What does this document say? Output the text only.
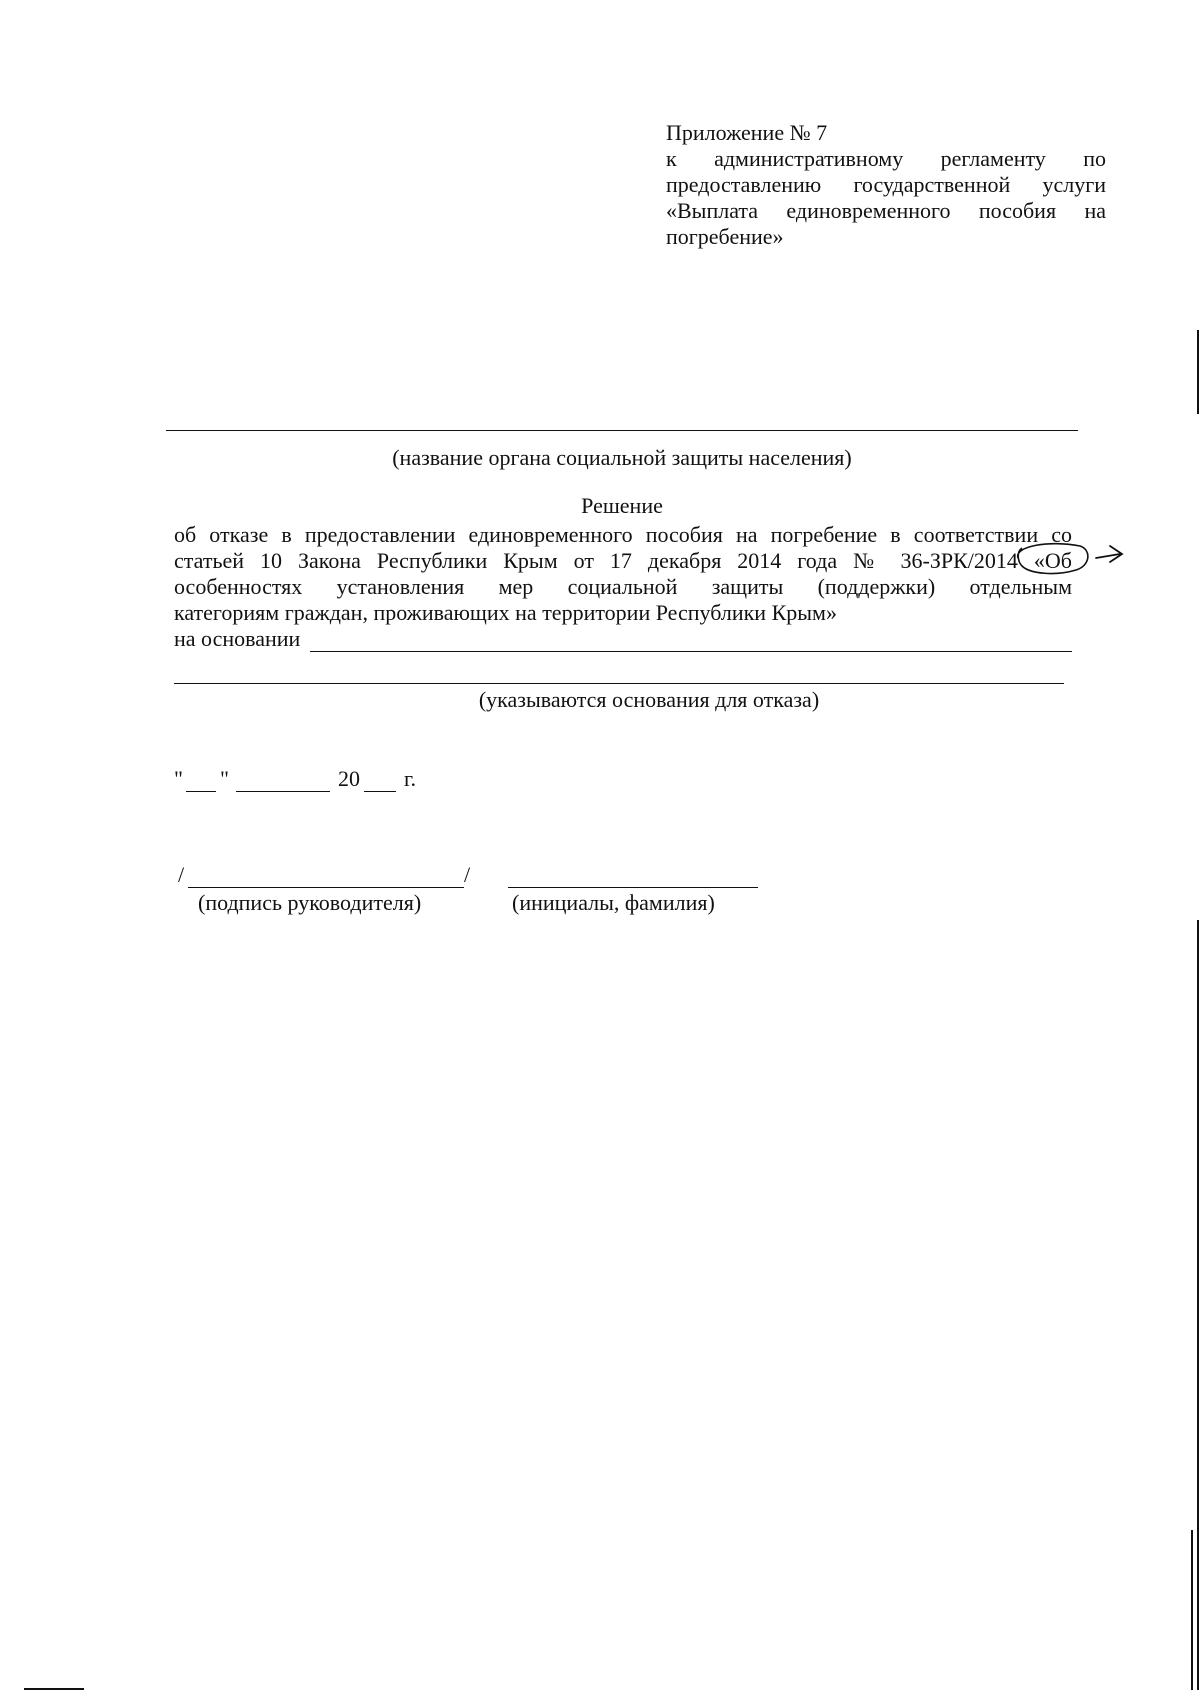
Приложение № 7
к административному регламенту по
предоставлению государственной услуги
«Выплата единовременного пособия на
погребение»
(название органа социальной защиты населения)
Решение
об отказе в предоставлении единовременного пособия на погребение в соответствии со
статьей 10 Закона Республики Крым от 17 декабря 2014 года № 36-ЗРК/2014 «Об
особенностях установления мер социальной защиты (поддержки) отдельным
категориям граждан, проживающих на территории Республики Крым»
на основании
(указываются основания для отказа)
" "	20 г.
/	/
(подпись руководителя)	(инициалы, фамилия)
